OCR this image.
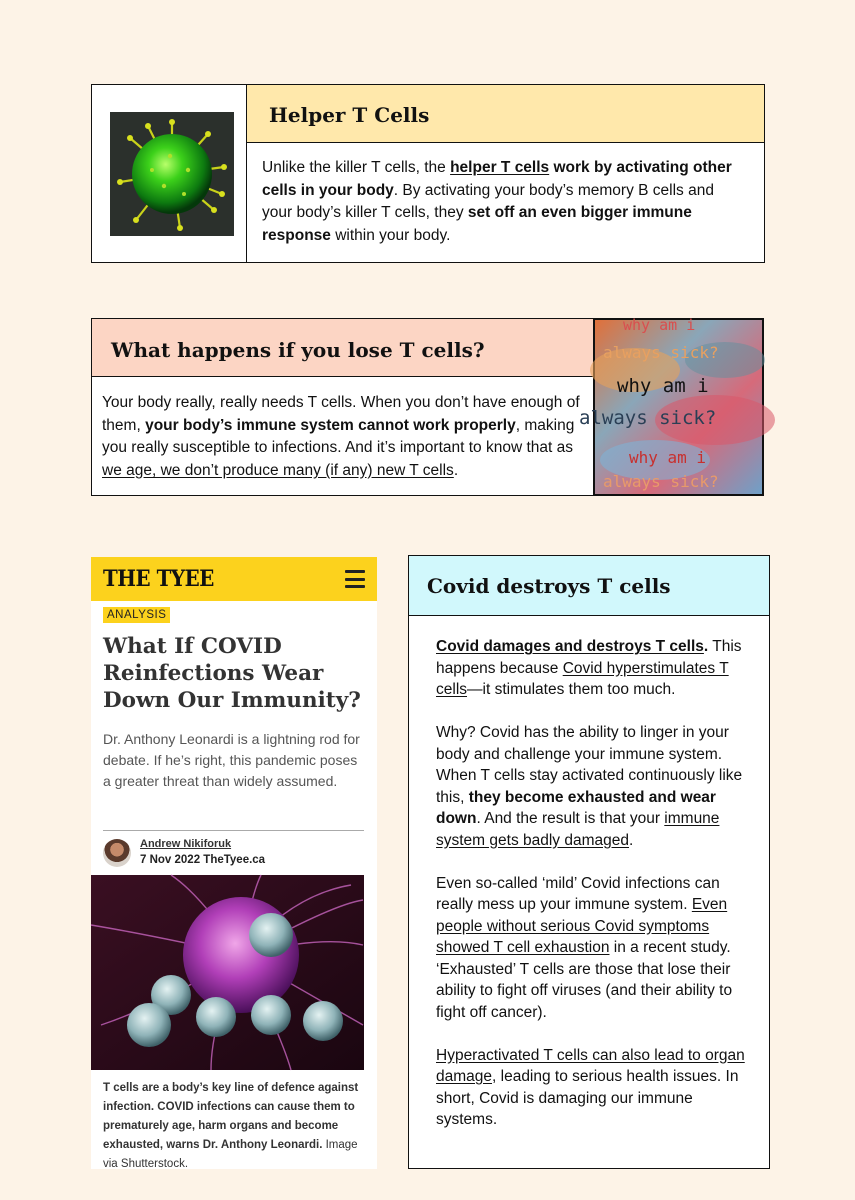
Helper T Cells
Unlike the killer T cells, the helper T cells work by activating other cells in your body. By activating your body’s memory B cells and your body’s killer T cells, they set off an even bigger immune response within your body.
What happens if you lose T cells?
Your body really, really needs T cells. When you don’t have enough of them, your body’s immune system cannot work properly, making you really susceptible to infections. And it’s important to know that as we age, we don’t produce many (if any) new T cells.
why am i
always sick?
why am i
always sick?
why am i
always sick?
THE TYEE
ANALYSIS
What If COVID Reinfections Wear Down Our Immunity?
Dr. Anthony Leonardi is a lightning rod for debate. If he’s right, this pandemic poses a greater threat than widely assumed.
Andrew Nikiforuk
7 Nov 2022 TheTyee.ca
T cells are a body’s key line of defence against infection. COVID infections can cause them to prematurely age, harm organs and become exhausted, warns Dr. Anthony Leonardi. Image via Shutterstock.
Covid destroys T cells

Covid damages and destroys T cells. This happens because Covid hyperstimulates T cells—it stimulates them too much.

Why? Covid has the ability to linger in your body and challenge your immune system. When T cells stay activated continuously like this, they become exhausted and wear down. And the result is that your immune system gets badly damaged.

Even so-called ‘mild’ Covid infections can really mess up your immune system. Even people without serious Covid symptoms showed T cell exhaustion in a recent study. ‘Exhausted’ T cells are those that lose their ability to fight off viruses (and their ability to fight off cancer).

Hyperactivated T cells can also lead to organ damage, leading to serious health issues. In short, Covid is damaging our immune systems.
